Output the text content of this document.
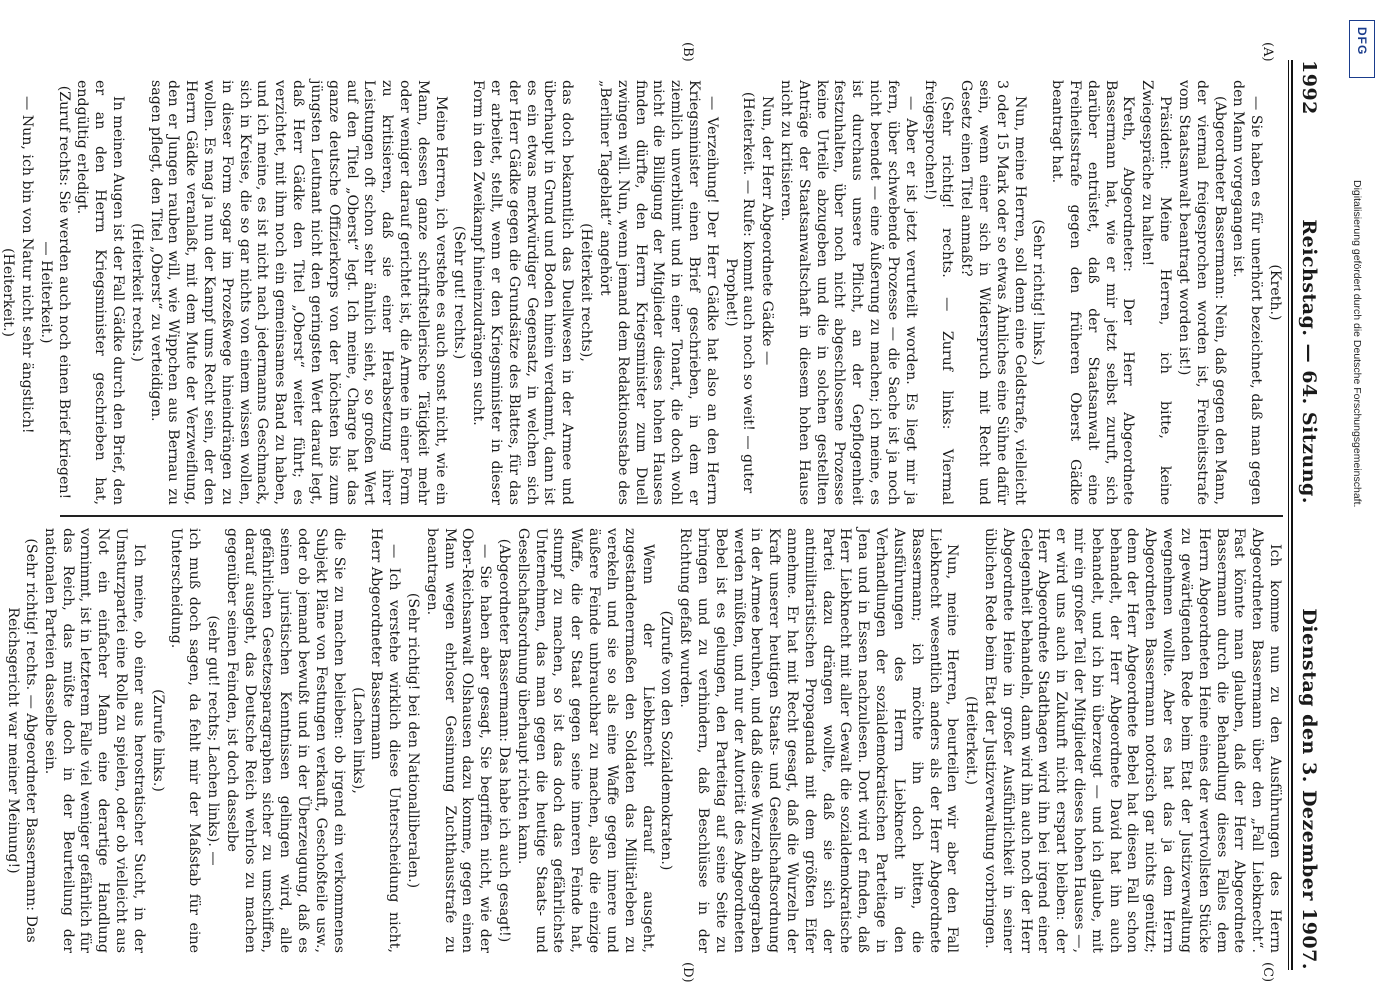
1992
Reichstag. — 64. Sitzung.
Dienstag den 3. Dezember 1907.
(A)
(B)
(C)
(D)

(Kreth.)

— Sie haben es für unerhört bezeichnet, daß man gegen den Mann vorgegangen ist.

(Abgeordneter Bassermann: Nein, daß gegen den Mann, der viermal freigesprochen worden ist, Freiheitsstrafe vom Staatsanwalt beantragt worden ist!)

Präsident: Meine Herren, ich bitte, keine Zwiegespräche zu halten!

Kreth, Abgeordneter: Der Herr Abgeordnete Bassermann hat, wie er mir jetzt selbst zuruft, sich darüber entrüstet, daß der Staatsanwalt eine Freiheitsstrafe gegen den früheren Oberst Gädke beantragt hat.

(Sehr richtig! links.)

Nun, meine Herren, soll denn eine Geldstrafe, vielleicht 3 oder 15 Mark oder so etwas Ähnliches eine Sühne dafür sein, wenn einer sich in Widerspruch mit Recht und Gesetz einen Titel anmaßt?

(Sehr richtig! rechts. — Zuruf links: Viermal freigesprochen!)

— Aber er ist jetzt verurteilt worden. Es liegt mir ja fern, über schwebende Prozesse — die Sache ist ja noch nicht beendet — eine Äußerung zu machen; ich meine, es ist durchaus unsere Pflicht, an der Gepflogenheit festzuhalten, über noch nicht abgeschlossene Prozesse keine Urteile abzugeben und die in solchen gestellten Anträge der Staatsanwaltschaft in diesem hohen Hause nicht zu kritisieren.

Nun, der Herr Abgeordnete Gädke —

(Heiterkeit. — Rufe: kommt auch noch so weit! — guter Prophet!)

— Verzeihung! Der Herr Gädke hat also an den Herrn Kriegsminister einen Brief geschrieben, in dem er ziemlich unverblümt und in einer Tonart, die doch wohl nicht die Billigung der Mitglieder dieses hohen Hauses finden dürfte, den Herrn Kriegsminister zum Duell zwingen will. Nun, wenn jemand dem Redaktionsstabe des „Berliner Tageblatt“ angehört

(Heiterkeit rechts),

das doch bekanntlich das Duellwesen in der Armee und überhaupt in Grund und Boden hinein verdammt, dann ist es ein etwas merkwürdiger Gegensatz, in welchen sich der Herr Gädke gegen die Grundsätze des Blattes, für das er arbeitet, stellt, wenn er den Kriegsminister in dieser Form in den Zweikampf hineinzudrängen sucht.

(Sehr gut! rechts.)

Meine Herren, ich verstehe es auch sonst nicht, wie ein Mann, dessen ganze schriftstellerische Tätigkeit mehr oder weniger darauf gerichtet ist, die Armee in einer Form zu kritisieren, daß sie einer Herabsetzung ihrer Leistungen oft schon sehr ähnlich sieht, so großen Wert auf den Titel „Oberst“ legt. Ich meine, Charge hat das ganze deutsche Offizierkorps von der höchsten bis zum jüngsten Leutnant nicht den geringsten Wert darauf legt, daß Herr Gädke den Titel „Oberst“ weiter führt; es verzichtet, mit ihm noch ein gemeinsames Band zu haben, und ich meine, es ist nicht nach jedermanns Geschmack, sich in Kreise, die so gar nichts von einem wissen wollen, in dieser Form sogar im Prozeßwege hineindrängen zu wollen. Es mag ja nun der Kampf ums Recht sein, der den Herrn Gädke veranlaßt, mit dem Mute der Verzweiflung, den er Jungen rauben will, wie Wippchen aus Bernau zu sagen pflegt, den Titel „Oberst“ zu verteidigen.

(Heiterkeit rechts.)

In meinen Augen ist der Fall Gädke durch den Brief, den er an den Herrn Kriegsminister geschrieben hat, endgültig erledigt.

(Zuruf rechts: Sie werden auch noch einen Brief kriegen! — Heiterkeit.)

— Nun, ich bin von Natur nicht sehr ängstlich!

(Heiterkeit.)

Ich komme nun zu den Ausführungen des Herrn Abgeordneten Bassermann über den „Fall Liebknecht“. Fast könnte man glauben, daß der Herr Abgeordnete Bassermann durch die Behandlung dieses Falles dem Herrn Abgeordneten Heine eines der wertvollsten Stücke zu gewärtigenden Rede beim Etat der Justizverwaltung wegnehmen wollte. Aber es hat das ja dem Herrn Abgeordneten Bassermann notorisch gar nichts genützt; denn der Herr Abgeordnete Bebel hat diesen Fall schon behandelt, der Herr Abgeordnete David hat ihn auch behandelt, und ich bin überzeugt — und ich glaube, mit mir ein großer Teil der Mitglieder dieses hohen Hauses —, er wird uns auch in Zukunft nicht erspart bleiben: der Herr Abgeordnete Stadthagen wird ihn bei irgend einer Gelegenheit behandeln, dann wird ihn auch noch der Herr Abgeordnete Heine in großer Ausführlichkeit in seiner üblichen Rede beim Etat der Justizverwaltung vorbringen.

(Heiterkeit.)

Nun, meine Herren, beurteilen wir aber den Fall Liebknecht wesentlich anders als der Herr Abgeordnete Bassermann; ich möchte ihn doch bitten, die Ausführungen des Herrn Liebknecht in den Verhandlungen der sozialdemokratischen Parteitage in Jena und in Essen nachzulesen. Dort wird er finden, daß Herr Liebknecht mit aller Gewalt die sozialdemokratische Partei dazu drängen wollte, daß sie sich der antimilitaristischen Propaganda mit dem größten Eifer annehme. Er hat mit Recht gesagt, daß die Wurzeln der Kraft unserer heutigen Staats- und Gesellschaftsordnung in der Armee beruhen, und daß diese Wurzeln abgegraben werden müßten, und nur der Autorität des Abgeordneten Bebel ist es gelungen, den Parteitag auf seine Seite zu bringen und zu verhindern, daß Beschlüsse in der Richtung gefaßt wurden.

(Zurufe von den Sozialdemokraten.)

Wenn der Liebknecht darauf ausgeht, zugestandenermaßen den Soldaten das Militärleben zu verekeln und sie so als eine Waffe gegen innere und äußere Feinde unbrauchbar zu machen, also die einzige Waffe, die der Staat gegen seine inneren Feinde hat, stumpf zu machen, so ist das doch das gefährlichste Unternehmen, das man gegen die heutige Staats- und Gesellschaftsordnung überhaupt richten kann.

(Abgeordneter Bassermann: Das habe ich auch gesagt!)

— Sie haben aber gesagt, Sie begriffen nicht, wie der Ober-Reichsanwalt Olshausen dazu komme, gegen einen Mann wegen ehrloser Gesinnung Zuchthausstrafe zu beantragen.

(Sehr richtig! bei den Nationalliberalen.)

— Ich verstehe wirklich diese Unterscheidung nicht, Herr Abgeordneter Bassermann

(Lachen links),

die Sie zu machen belieben: ob irgend ein verkommenes Subjekt Pläne von Festungen verkauft, Geschoßteile usw., oder ob jemand bewußt und in der Überzeugung, daß es seinen juristischen Kenntnissen gelingen wird, alle gefährlichen Gesetzesparagraphen sicher zu umschiffen, darauf ausgeht, das Deutsche Reich wehrlos zu machen gegenüber seinen Feinden, ist doch dasselbe

(sehr gut! rechts; Lachen links). —

ich muß doch sagen, da fehlt mir der Maßstab für eine Unterscheidung.

(Zurufe links.)

Ich meine, ob einer aus herostratischer Sucht, in der Umsturzpartei eine Rolle zu spielen, oder ob vielleicht aus Not ein einfacher Mann eine derartige Handlung vornimmt, ist in letzterem Falle viel weniger gefährlich für das Reich, das müßte doch in der Beurteilung der nationalen Parteien dasselbe sein.

(Sehr richtig! rechts. — Abgeordneter Bassermann: Das Reichsgericht war meiner Meinung!)

DFG
Digitalisierung gefördert durch die Deutsche Forschungsgemeinschaft.
